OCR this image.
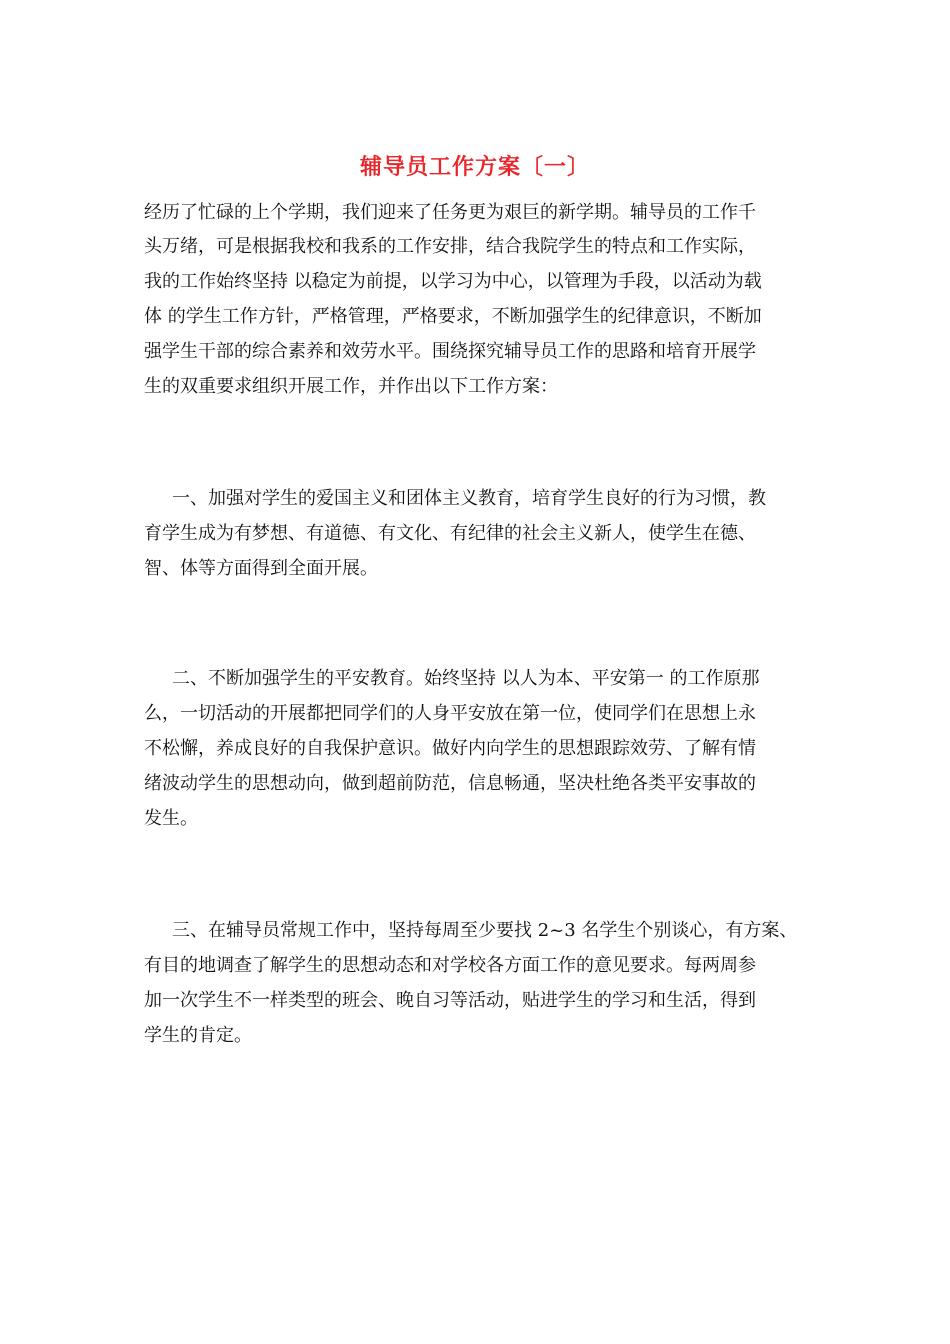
辅导员工作方案〔一〕
经历了忙碌的上个学期，我们迎来了任务更为艰巨的新学期。辅导员的工作千
头万绪，可是根据我校和我系的工作安排，结合我院学生的特点和工作实际，
我的工作始终坚持 以稳定为前提，以学习为中心，以管理为手段，以活动为载
体 的学生工作方针，严格管理，严格要求，不断加强学生的纪律意识，不断加
强学生干部的综合素养和效劳水平。围绕探究辅导员工作的思路和培育开展学
生的双重要求组织开展工作，并作出以下工作方案：
一、加强对学生的爱国主义和团体主义教育，培育学生良好的行为习惯，教
育学生成为有梦想、有道德、有文化、有纪律的社会主义新人，使学生在德、
智、体等方面得到全面开展。
二、不断加强学生的平安教育。始终坚持 以人为本、平安第一 的工作原那
么，一切活动的开展都把同学们的人身平安放在第一位，使同学们在思想上永
不松懈，养成良好的自我保护意识。做好内向学生的思想跟踪效劳、了解有情
绪波动学生的思想动向，做到超前防范，信息畅通，坚决杜绝各类平安事故的
发生。
三、在辅导员常规工作中，坚持每周至少要找 2~3 名学生个别谈心，有方案、
有目的地调查了解学生的思想动态和对学校各方面工作的意见要求。每两周参
加一次学生不一样类型的班会、晚自习等活动，贴进学生的学习和生活，得到
学生的肯定。
